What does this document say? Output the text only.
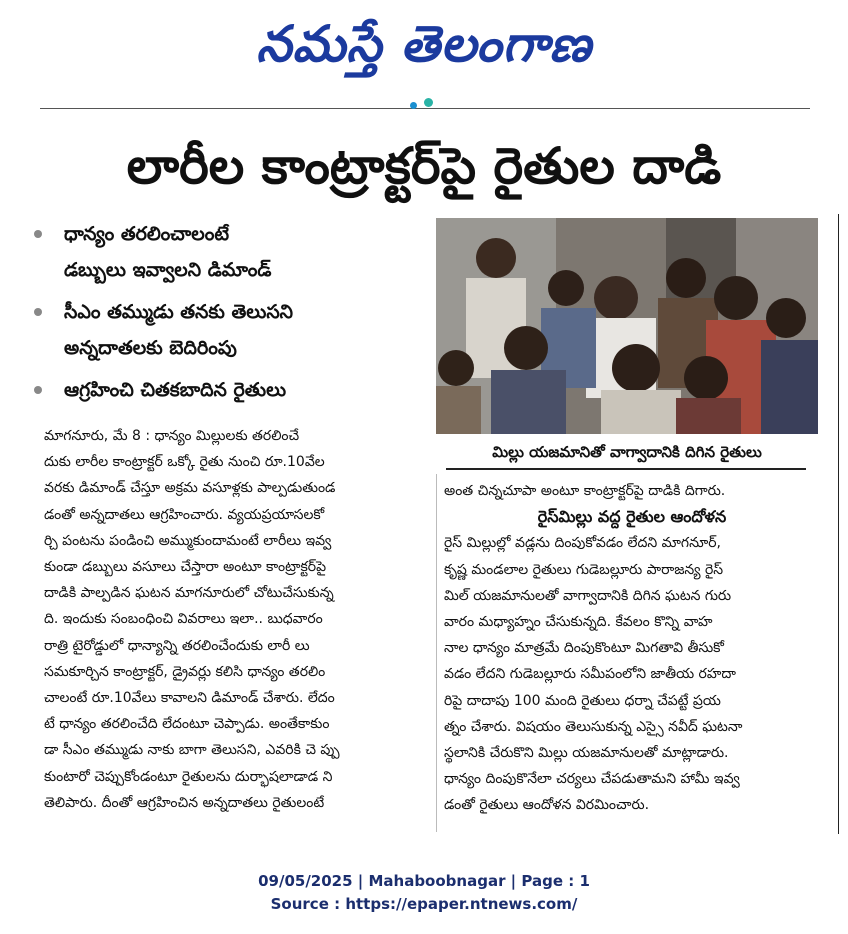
నమస్తే తెలంగాణ
లారీల కాంట్రాక్టర్‌పై రైతుల దాడి
ధాన్యం తరలించాలంటే
డబ్బులు ఇవ్వాలని డిమాండ్‌
సీఎం తమ్ముడు తనకు తెలుసని
అన్నదాతలకు బెదిరింపు
ఆగ్రహించి చితకబాదిన రైతులు
మిల్లు యజమానితో వాగ్వాదానికి దిగిన రైతులు
మాగనూరు, మే 8 : ధాన్యం మిల్లులకు తరలించే
దుకు లారీల కాంట్రాక్టర్‌ ఒక్కో రైతు నుంచి రూ.10వేల
వరకు డిమాండ్‌ చేస్తూ అక్రమ వసూళ్లకు పాల్పడుతుండ
డంతో అన్నదాతలు ఆగ్రహించారు. వ్యయప్రయాసలకో
ర్చి పంటను పండించి అమ్ముకుందామంటే లారీలు ఇవ్వ
కుండా డబ్బులు వసూలు చేస్తారా అంటూ కాంట్రాక్టర్‌పై
దాడికి పాల్పడిన ఘటన మాగనూరులో చోటుచేసుకున్న
ది. ఇందుకు సంబంధించి వివరాలు ఇలా.. బుధవారం
రాత్రి టైరోడ్డులో ధాన్యాన్ని తరలించేందుకు లారీ లు
సమకూర్చిన కాంట్రాక్టర్‌, డ్రైవర్లు కలిసి ధాన్యం తరలిం
చాలంటే రూ.10వేలు కావాలని డిమాండ్‌ చేశారు. లేదం
టే ధాన్యం తరలించేది లేదంటూ చెప్పాడు. అంతేకాకుం
డా సీఎం తమ్ముడు నాకు బాగా తెలుసని, ఎవరికి చె ప్పు
కుంటారో చెప్పుకోండంటూ రైతులను దుర్భాషలాడాడ ని
తెలిపారు. దీంతో ఆగ్రహించిన అన్నదాతలు రైతులంటే
అంత చిన్నచూపా అంటూ కాంట్రాక్టర్‌పై దాడికి దిగారు.
రైస్‌మిల్లు వద్ద రైతుల ఆందోళన
రైస్‌ మిల్లుల్లో వడ్లను దింపుకోవడం లేదని మాగనూర్‌,
కృష్ణ మండలాల రైతులు గుడెబల్లూరు పారాజన్య రైస్‌
మిల్‌ యజమానులతో వాగ్వాదానికి దిగిన ఘటన గురు
వారం మధ్యాహ్నం చేసుకున్నది. కేవలం కొన్ని వాహ
నాల ధాన్యం మాత్రమే దింపుకొంటూ మిగతావి తీసుకో
వడం లేదని గుడెబల్లూరు సమీపంలోని జాతీయ రహదా
రిపై దాదాపు 100 మంది రైతులు ధర్నా చేపట్టే ప్రయ
త్నం చేశారు. విషయం తెలుసుకున్న ఎస్సై నవీద్‌ ఘటనా
స్థలానికి చేరుకొని మిల్లు యజమానులతో మాట్లాడారు.
ధాన్యం దింపుకొనేలా చర్యలు చేపడుతామని హామీ ఇవ్వ
డంతో రైతులు ఆందోళన విరమించారు.
09/05/2025 | Mahaboobnagar | Page : 1
Source : https://epaper.ntnews.com/
